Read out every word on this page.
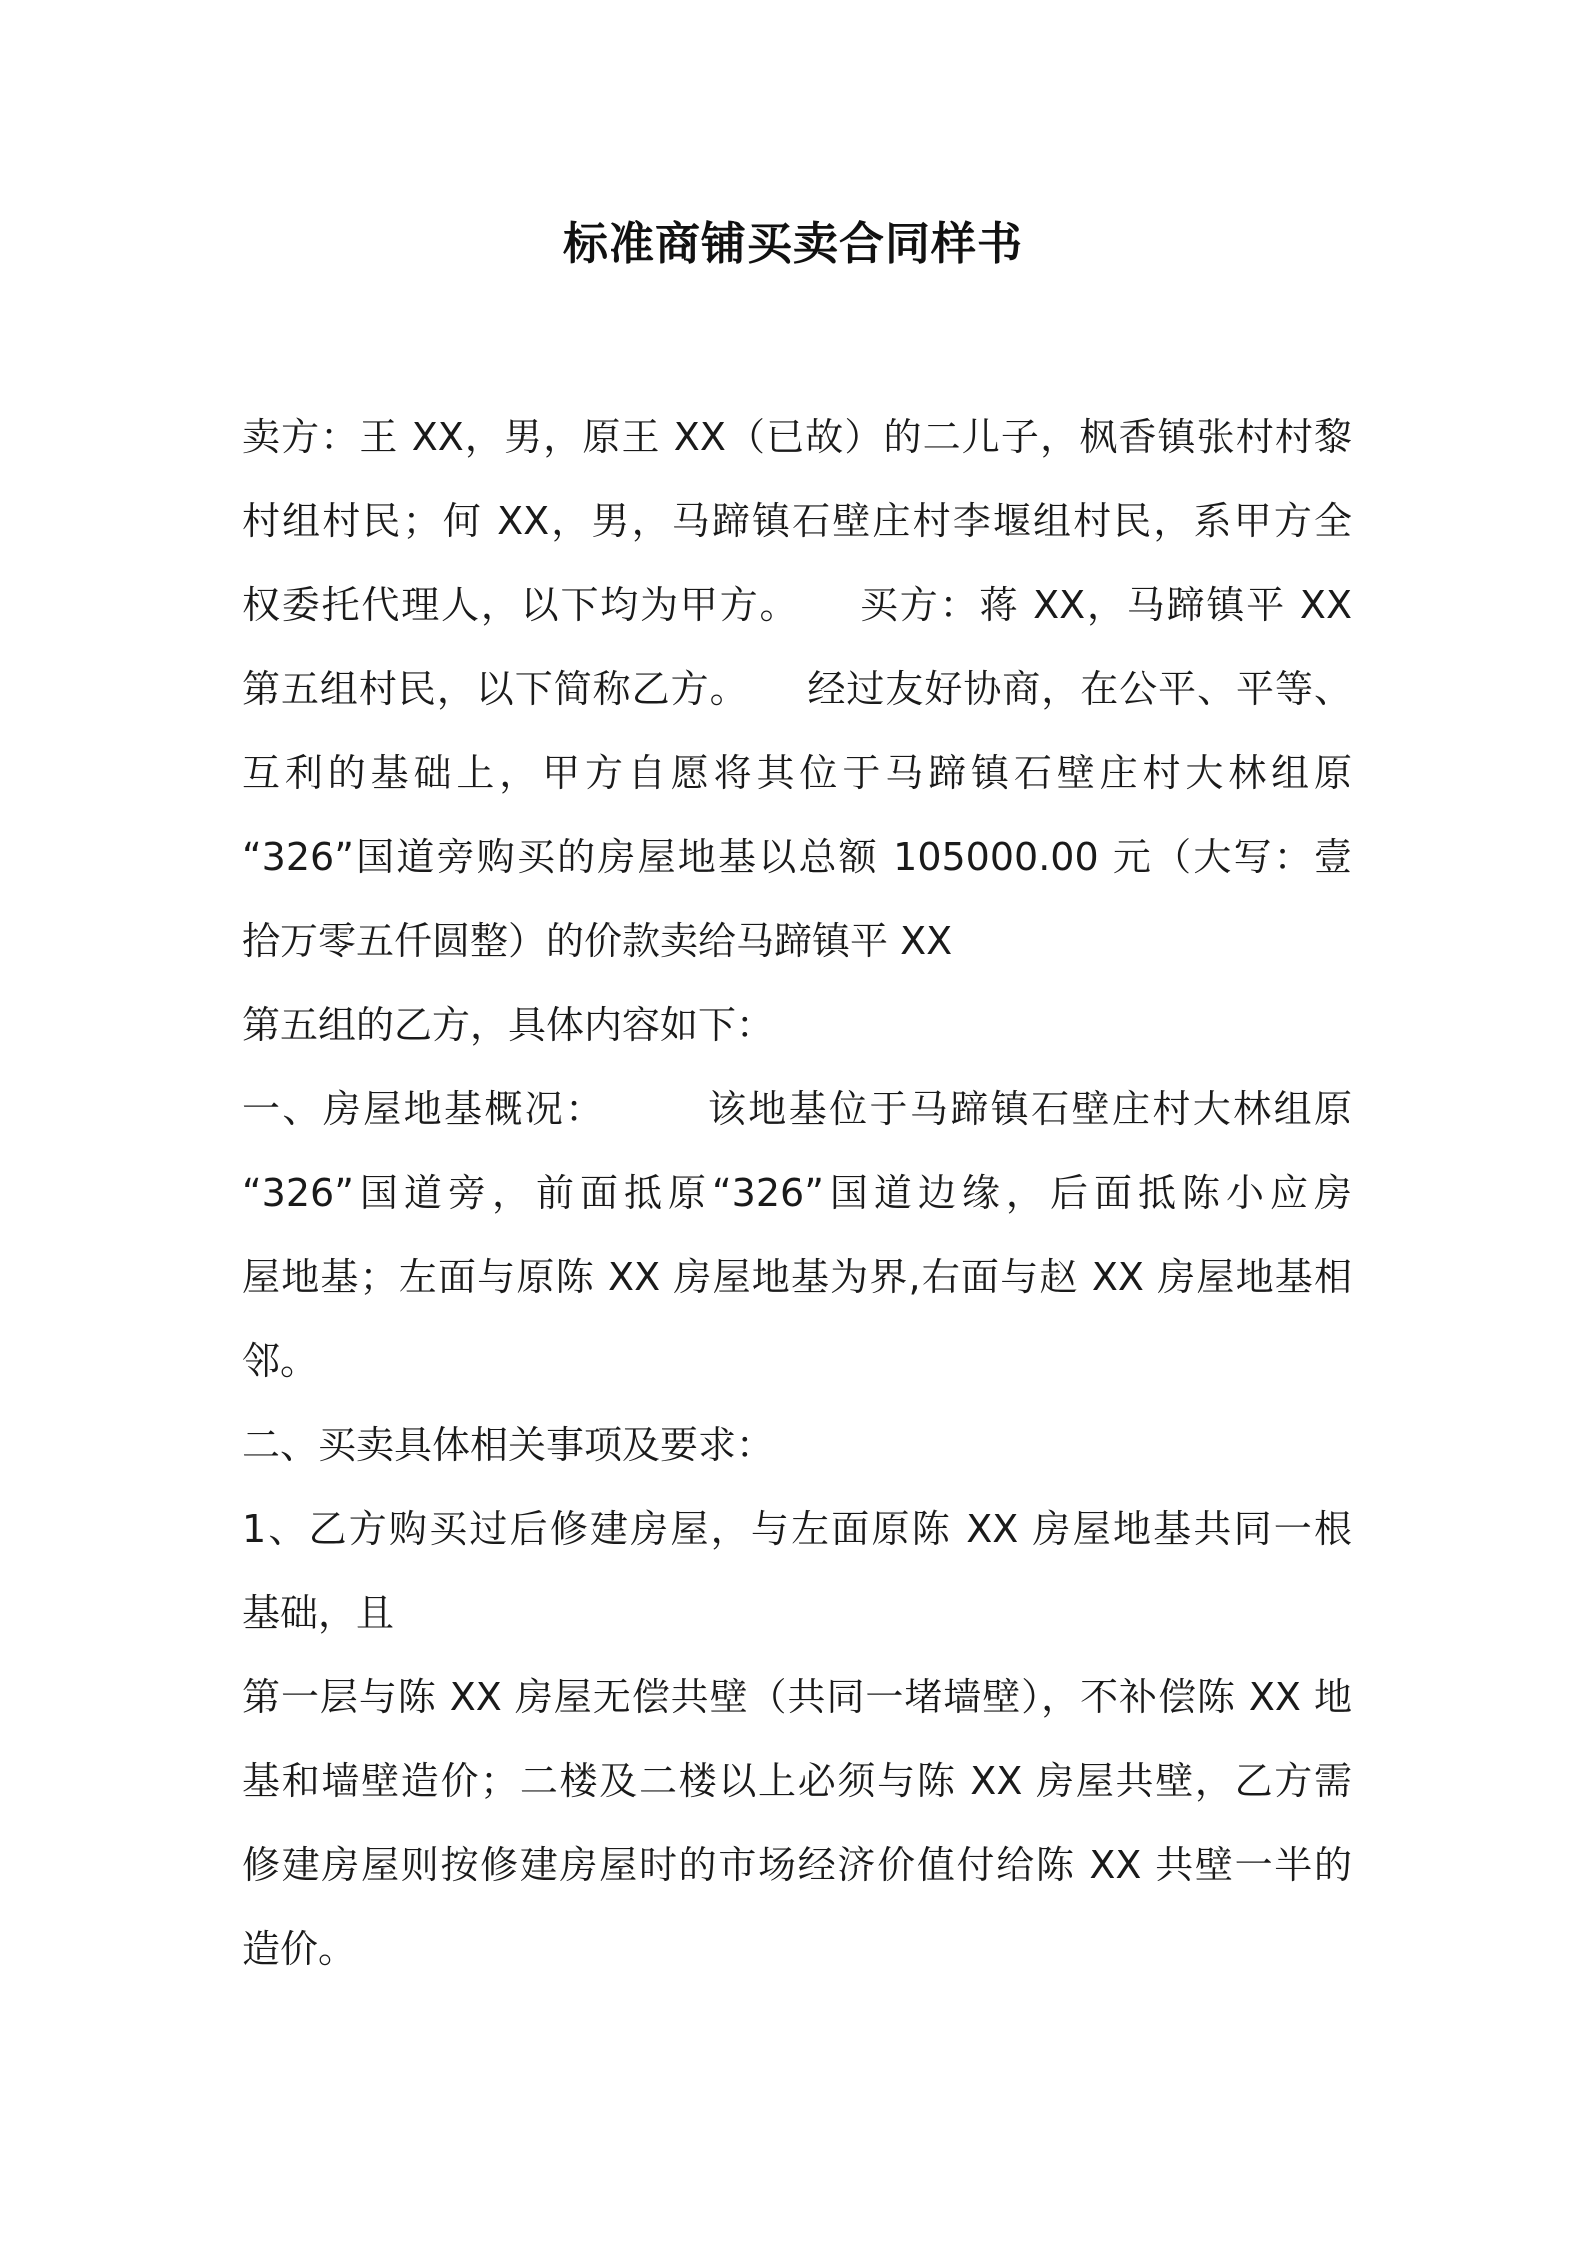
标准商铺买卖合同样书

卖方：王 XX，男，原王 XX（已故）的二儿子，枫香镇张村村黎

村组村民；何 XX，男，马蹄镇石壁庄村李堰组村民，系甲方全

权委托代理人，以下均为甲方。　　买方：蒋 XX，马蹄镇平 XX

第五组村民，以下简称乙方。　　经过友好协商，在公平、平等、

互利的基础上，甲方自愿将其位于马蹄镇石壁庄村大林组原

“326”国道旁购买的房屋地基以总额 105000.00 元（大写：壹

拾万零五仟圆整）的价款卖给马蹄镇平 XX

第五组的乙方，具体内容如下：

一、房屋地基概况：　　　该地基位于马蹄镇石壁庄村大林组原

“326”国道旁，前面抵原“326”国道边缘，后面抵陈小应房

屋地基；左面与原陈 XX 房屋地基为界,右面与赵 XX 房屋地基相

邻。

二、买卖具体相关事项及要求：

1、乙方购买过后修建房屋，与左面原陈 XX 房屋地基共同一根

基础，且

第一层与陈 XX 房屋无偿共壁（共同一堵墙壁），不补偿陈 XX 地

基和墙壁造价；二楼及二楼以上必须与陈 XX 房屋共壁，乙方需

修建房屋则按修建房屋时的市场经济价值付给陈 XX 共壁一半的

造价。
